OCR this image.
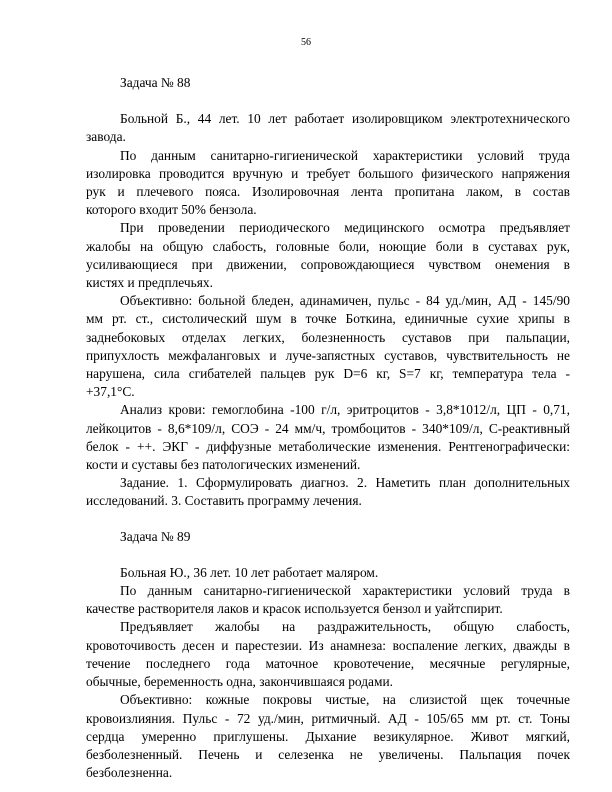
56
Задача № 88
Больной Б., 44 лет. 10 лет работает изолировщиком электротехнического
завода.
По данным санитарно-гигиенической характеристики условий труда
изолировка проводится вручную и требует большого физического напряжения
рук и плечевого пояса. Изолировочная лента пропитана лаком, в состав
которого входит 50% бензола.
При проведении периодического медицинского осмотра предъявляет
жалобы на общую слабость, головные боли, ноющие боли в суставах рук,
усиливающиеся при движении, сопровождающиеся чувством онемения в
кистях и предплечьях.
Объективно: больной бледен, адинамичен, пульс - 84 уд./мин, АД - 145/90
мм рт. ст., систолический шум в точке Боткина, единичные сухие хрипы в
заднебоковых отделах легких, болезненность суставов при пальпации,
припухлость межфаланговых и луче-запястных суставов, чувствительность не
нарушена, сила сгибателей пальцев рук D=6 кг, S=7 кг, температура тела -
+37,1°С.
Анализ крови: гемоглобина -100 г/л, эритроцитов - 3,8*1012/л, ЦП - 0,71,
лейкоцитов - 8,6*109/л, СОЭ - 24 мм/ч, тромбоцитов - 340*109/л, С-реактивный
белок - ++. ЭКГ - диффузные метаболические изменения. Рентгенографически:
кости и суставы без патологических изменений.
Задание. 1. Сформулировать диагноз. 2. Наметить план дополнительных
исследований. 3. Составить программу лечения.
Задача № 89
Больная Ю., 36 лет. 10 лет работает маляром.
По данным санитарно-гигиенической характеристики условий труда в
качестве растворителя лаков и красок используется бензол и уайтспирит.
Предъявляет жалобы на раздражительность, общую слабость,
кровоточивость десен и парестезии. Из анамнеза: воспаление легких, дважды в
течение последнего года маточное кровотечение, месячные регулярные,
обычные, беременность одна, закончившаяся родами.
Объективно: кожные покровы чистые, на слизистой щек точечные
кровоизлияния. Пульс - 72 уд./мин, ритмичный. АД - 105/65 мм рт. ст. Тоны
сердца умеренно приглушены. Дыхание везикулярное. Живот мягкий,
безболезненный. Печень и селезенка не увеличены. Пальпация почек
безболезненна.
